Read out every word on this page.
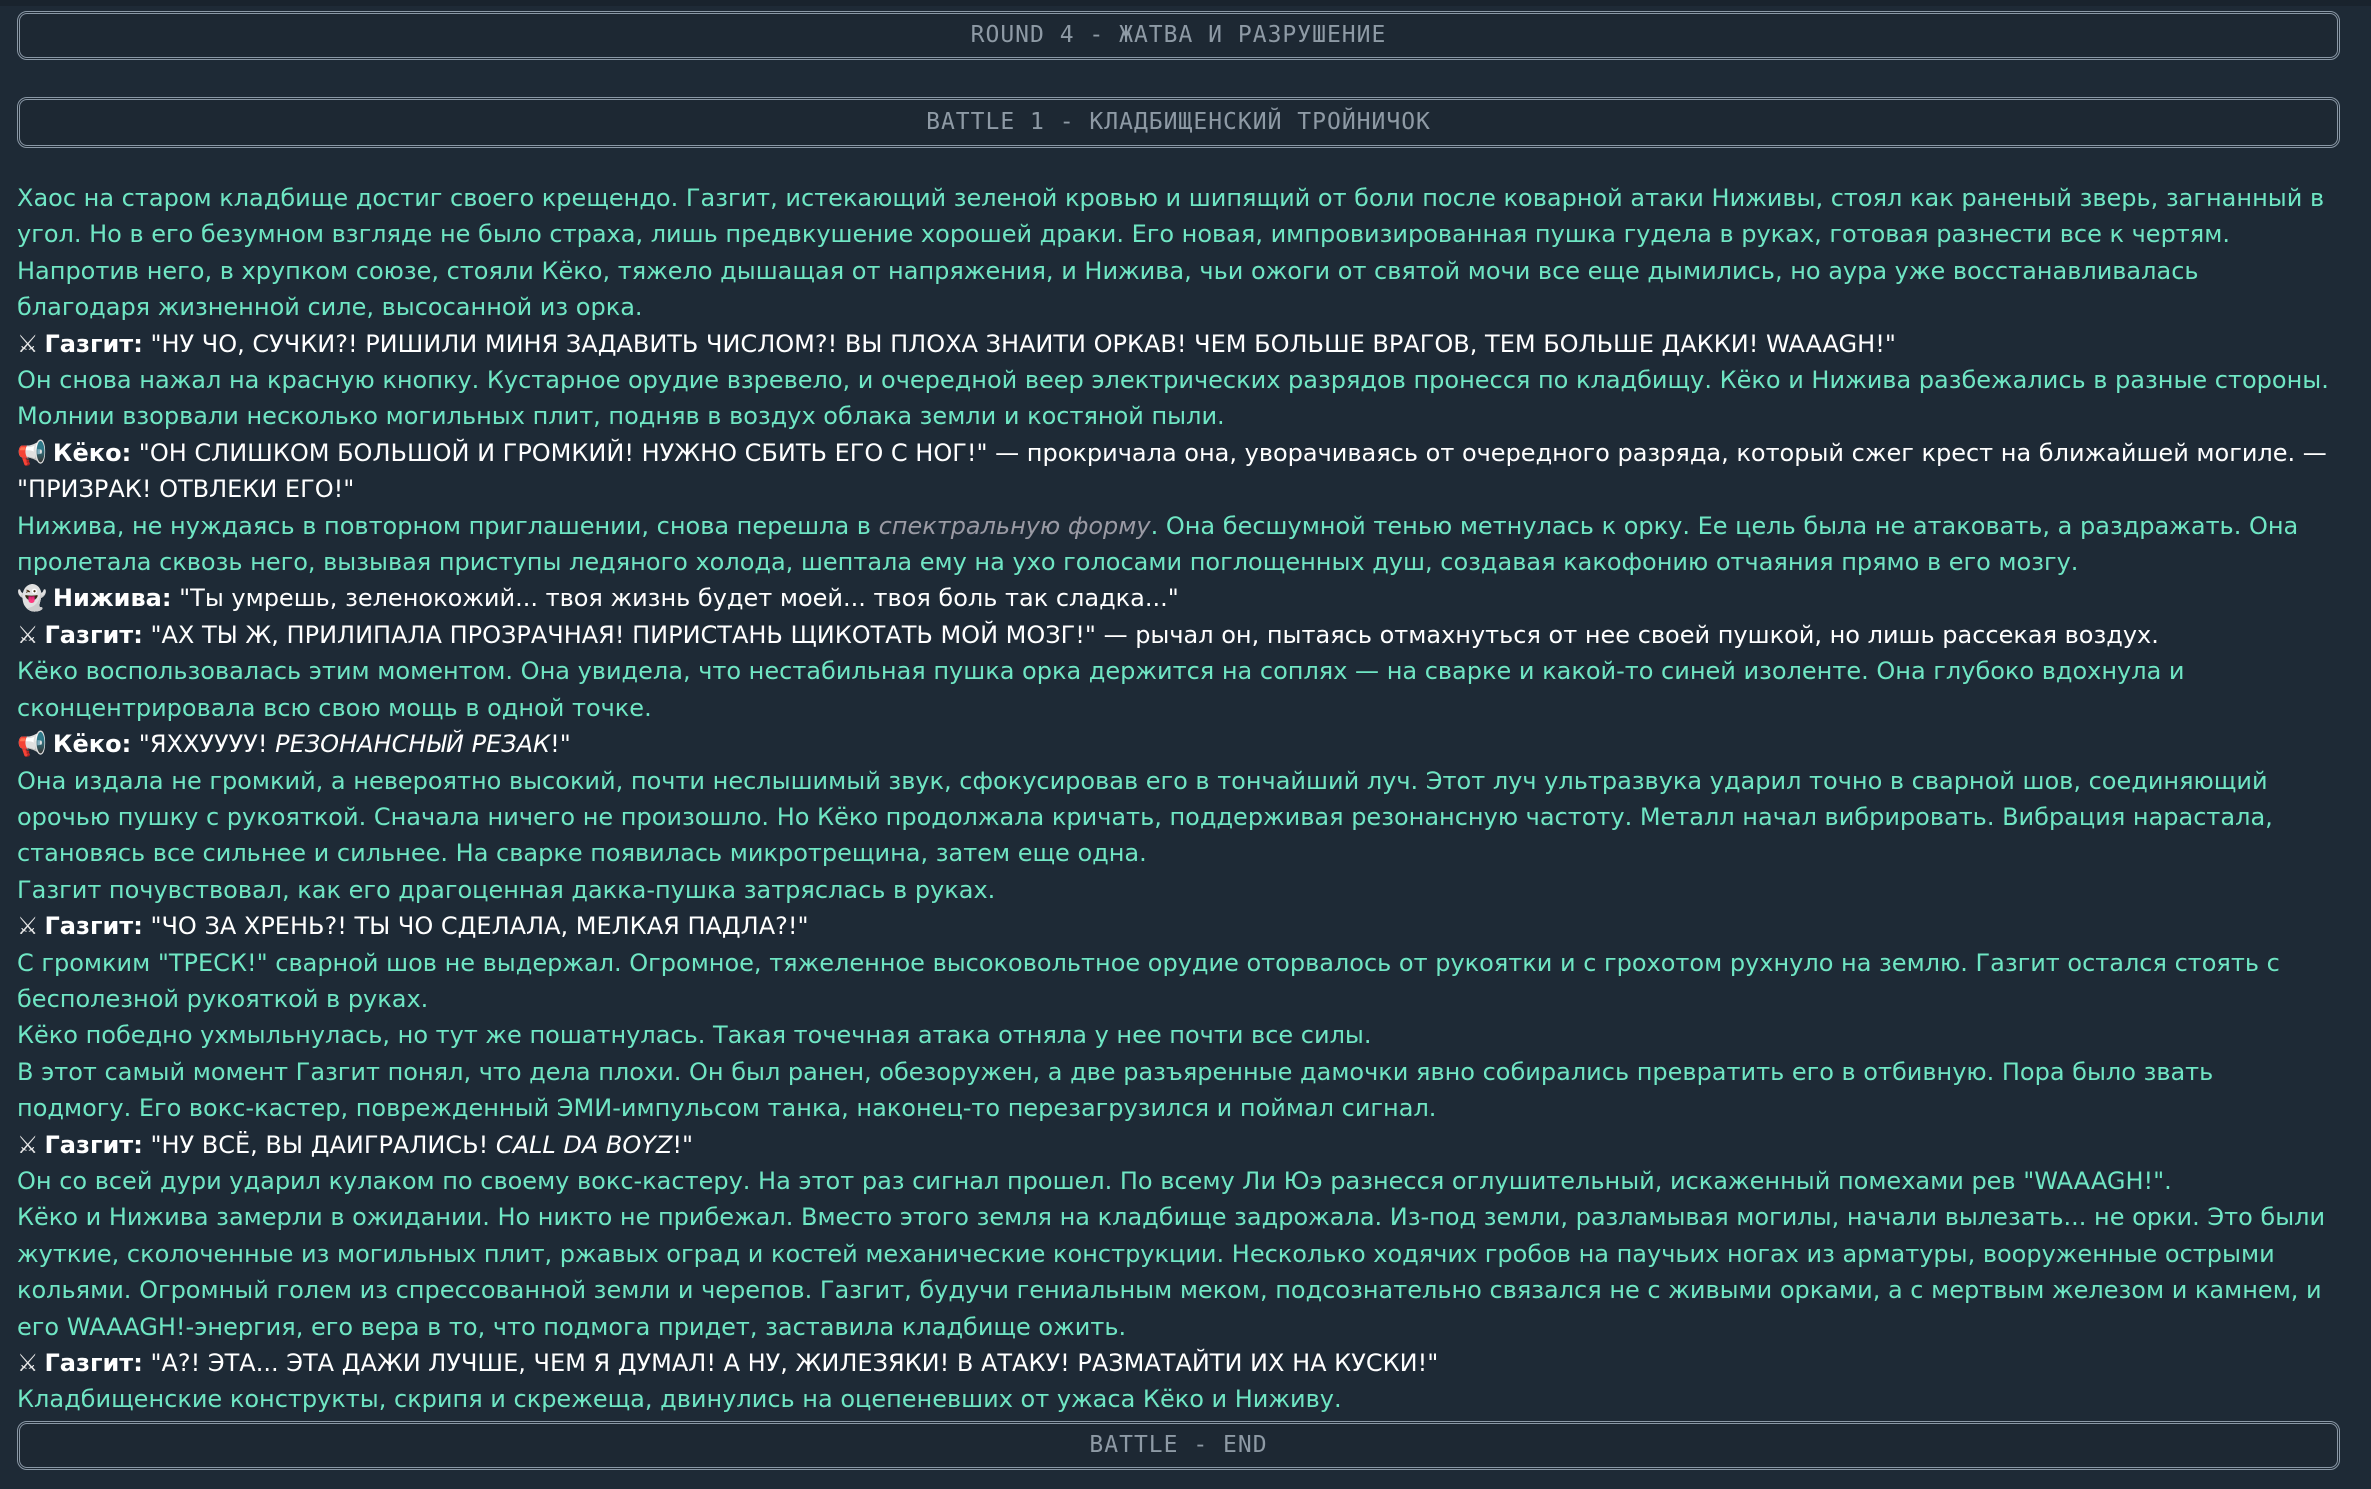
ROUND 4 - ЖАТВА И РАЗРУШЕНИЕ
BATTLE 1 - КЛАДБИЩЕНСКИЙ ТРОЙНИЧОК

Хаос на старом кладбище достиг своего крещендо. Газгит, истекающий зеленой кровью и шипящий от боли после коварной атаки Ниживы, стоял как раненый зверь, загнанный в угол. Но в его безумном взгляде не было страха, лишь предвкушение хорошей драки. Его новая, импровизированная пушка гудела в руках, готовая разнести все к чертям. Напротив него, в хрупком союзе, стояли Кёко, тяжело дышащая от напряжения, и Нижива, чьи ожоги от святой мочи все еще дымились, но аура уже восстанавливалась благодаря жизненной силе, высосанной из орка.

⚔ Газгит: "НУ ЧО, СУЧКИ?! РИШИЛИ МИНЯ ЗАДАВИТЬ ЧИСЛОМ?! ВЫ ПЛОХА ЗНАИТИ ОРКАВ! ЧЕМ БОЛЬШЕ ВРАГОВ, ТЕМ БОЛЬШЕ ДАККИ! WAAAGH!"

Он снова нажал на красную кнопку. Кустарное орудие взревело, и очередной веер электрических разрядов пронесся по кладбищу. Кёко и Нижива разбежались в разные стороны. Молнии взорвали несколько могильных плит, подняв в воздух облака земли и костяной пыли.

📢 Кёко: "ОН СЛИШКОМ БОЛЬШОЙ И ГРОМКИЙ! НУЖНО СБИТЬ ЕГО С НОГ!" — прокричала она, уворачиваясь от очередного разряда, который сжег крест на ближайшей могиле. — "ПРИЗРАК! ОТВЛЕКИ ЕГО!"

Нижива, не нуждаясь в повторном приглашении, снова перешла в спектральную форму. Она бесшумной тенью метнулась к орку. Ее цель была не атаковать, а раздражать. Она пролетала сквозь него, вызывая приступы ледяного холода, шептала ему на ухо голосами поглощенных душ, создавая какофонию отчаяния прямо в его мозгу.

👻 Нижива: "Ты умрешь, зеленокожий... твоя жизнь будет моей... твоя боль так сладка..."

⚔ Газгит: "АХ ТЫ Ж, ПРИЛИПАЛА ПРОЗРАЧНАЯ! ПИРИСТАНЬ ЩИКОТАТЬ МОЙ МОЗГ!" — рычал он, пытаясь отмахнуться от нее своей пушкой, но лишь рассекая воздух.

Кёко воспользовалась этим моментом. Она увидела, что нестабильная пушка орка держится на соплях — на сварке и какой-то синей изоленте. Она глубоко вдохнула и сконцентрировала всю свою мощь в одной точке.

📢 Кёко: "ЯХХУУУУ! РЕЗОНАНСНЫЙ РЕЗАК!"

Она издала не громкий, а невероятно высокий, почти неслышимый звук, сфокусировав его в тончайший луч. Этот луч ультразвука ударил точно в сварной шов, соединяющий орочью пушку с рукояткой. Сначала ничего не произошло. Но Кёко продолжала кричать, поддерживая резонансную частоту. Металл начал вибрировать. Вибрация нарастала, становясь все сильнее и сильнее. На сварке появилась микротрещина, затем еще одна.

Газгит почувствовал, как его драгоценная дакка-пушка затряслась в руках.

⚔ Газгит: "ЧО ЗА ХРЕНЬ?! ТЫ ЧО СДЕЛАЛА, МЕЛКАЯ ПАДЛА?!"

С громким "ТРЕСК!" сварной шов не выдержал. Огромное, тяжеленное высоковольтное орудие оторвалось от рукоятки и с грохотом рухнуло на землю. Газгит остался стоять с бесполезной рукояткой в руках.

Кёко победно ухмыльнулась, но тут же пошатнулась. Такая точечная атака отняла у нее почти все силы.

В этот самый момент Газгит понял, что дела плохи. Он был ранен, обезоружен, а две разъяренные дамочки явно собирались превратить его в отбивную. Пора было звать подмогу. Его вокс-кастер, поврежденный ЭМИ-импульсом танка, наконец-то перезагрузился и поймал сигнал.

⚔ Газгит: "НУ ВСЁ, ВЫ ДАИГРАЛИСЬ! CALL DA BOYZ!"

Он со всей дури ударил кулаком по своему вокс-кастеру. На этот раз сигнал прошел. По всему Ли Юэ разнесся оглушительный, искаженный помехами рев "WAAAGH!".

Кёко и Нижива замерли в ожидании. Но никто не прибежал. Вместо этого земля на кладбище задрожала. Из-под земли, разламывая могилы, начали вылезать... не орки. Это были жуткие, сколоченные из могильных плит, ржавых оград и костей механические конструкции. Несколько ходячих гробов на паучьих ногах из арматуры, вооруженные острыми кольями. Огромный голем из спрессованной земли и черепов. Газгит, будучи гениальным меком, подсознательно связался не с живыми орками, а с мертвым железом и камнем, и его WAAAGH!-энергия, его вера в то, что подмога придет, заставила кладбище ожить.

⚔ Газгит: "А?! ЭТА... ЭТА ДАЖИ ЛУЧШЕ, ЧЕМ Я ДУМАЛ! А НУ, ЖИЛЕЗЯКИ! В АТАКУ! РАЗМАТАЙТИ ИХ НА КУСКИ!"

Кладбищенские конструкты, скрипя и скрежеща, двинулись на оцепеневших от ужаса Кёко и Ниживу.

BATTLE - END
